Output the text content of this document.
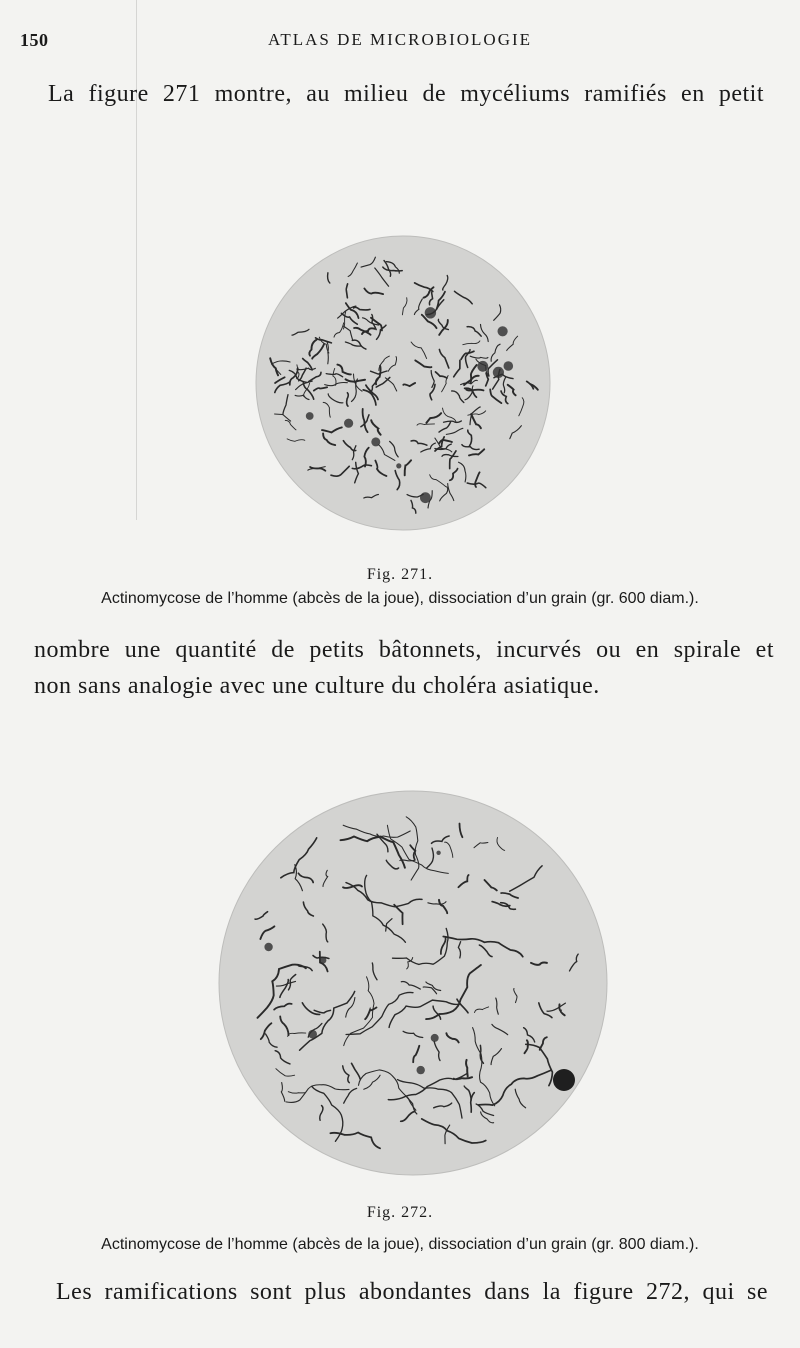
150	ATLAS DE MICROBIOLOGIE
La figure 271 montre, au milieu de mycéliums ramifiés en petit
Fig. 271.
Actinomycose de l’homme (abcès de la joue), dissociation d’un grain (gr. 600 diam.).
nombre une quantité de petits bâtonnets, incurvés ou en spirale et
non sans analogie avec une culture du choléra asiatique.
Fig. 272.
Actinomycose de l’homme (abcès de la joue), dissociation d’un grain (gr. 800 diam.).
Les ramifications sont plus abondantes dans la figure 272, qui se
